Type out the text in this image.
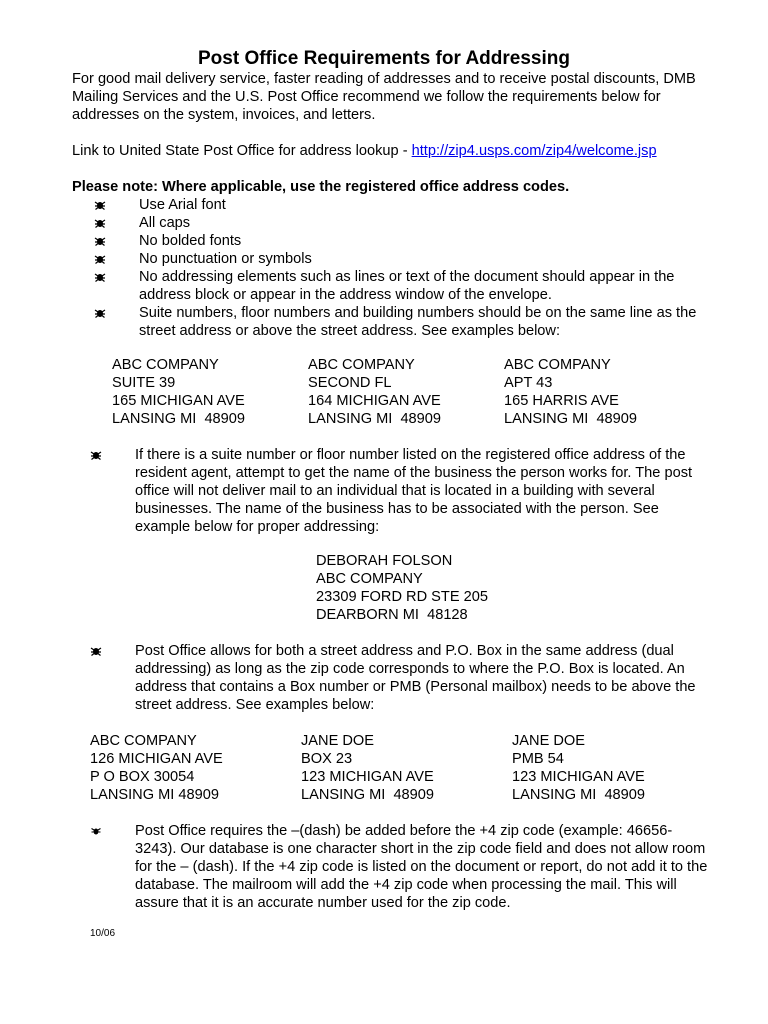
Post Office Requirements for Addressing

For good mail delivery service, faster reading of addresses and to receive postal discounts, DMB Mailing Services and the U.S. Post Office recommend we follow the requirements below for addresses on the system, invoices, and letters.

Link to United State Post Office for address lookup - http://zip4.usps.com/zip4/welcome.jsp

Please note: Where applicable, use the registered office address codes.

Use Arial font
All caps
No bolded fonts
No punctuation or symbols
No addressing elements such as lines or text of the document should appear in the address block or appear in the address window of the envelope.
Suite numbers, floor numbers and building numbers should be on the same line as the street address or above the street address. See examples below:

ABC COMPANY
SUITE 39
165 MICHIGAN AVE
LANSING MI  48909

ABC COMPANY
SECOND FL
164 MICHIGAN AVE
LANSING MI  48909

ABC COMPANY
APT 43
165 HARRIS AVE
LANSING MI  48909

If there is a suite number or floor number listed on the registered office address of the resident agent, attempt to get the name of the business the person works for. The post office will not deliver mail to an individual that is located in a building with several businesses. The name of the business has to be associated with the person. See example below for proper addressing:

DEBORAH FOLSON
ABC COMPANY
23309 FORD RD STE 205
DEARBORN MI  48128

Post Office allows for both a street address and P.O. Box in the same address (dual addressing) as long as the zip code corresponds to where the P.O. Box is located. An address that contains a Box number or PMB (Personal mailbox) needs to be above the street address. See examples below:

ABC COMPANY
126 MICHIGAN AVE
P O BOX 30054
LANSING MI 48909

JANE DOE
BOX 23
123 MICHIGAN AVE
LANSING MI  48909

JANE DOE
PMB 54
123 MICHIGAN AVE
LANSING MI  48909

Post Office requires the –(dash) be added before the +4 zip code (example: 46656-3243). Our database is one character short in the zip code field and does not allow room for the – (dash). If the +4 zip code is listed on the document or report, do not add it to the database. The mailroom will add the +4 zip code when processing the mail. This will assure that it is an accurate number used for the zip code.

10/06
